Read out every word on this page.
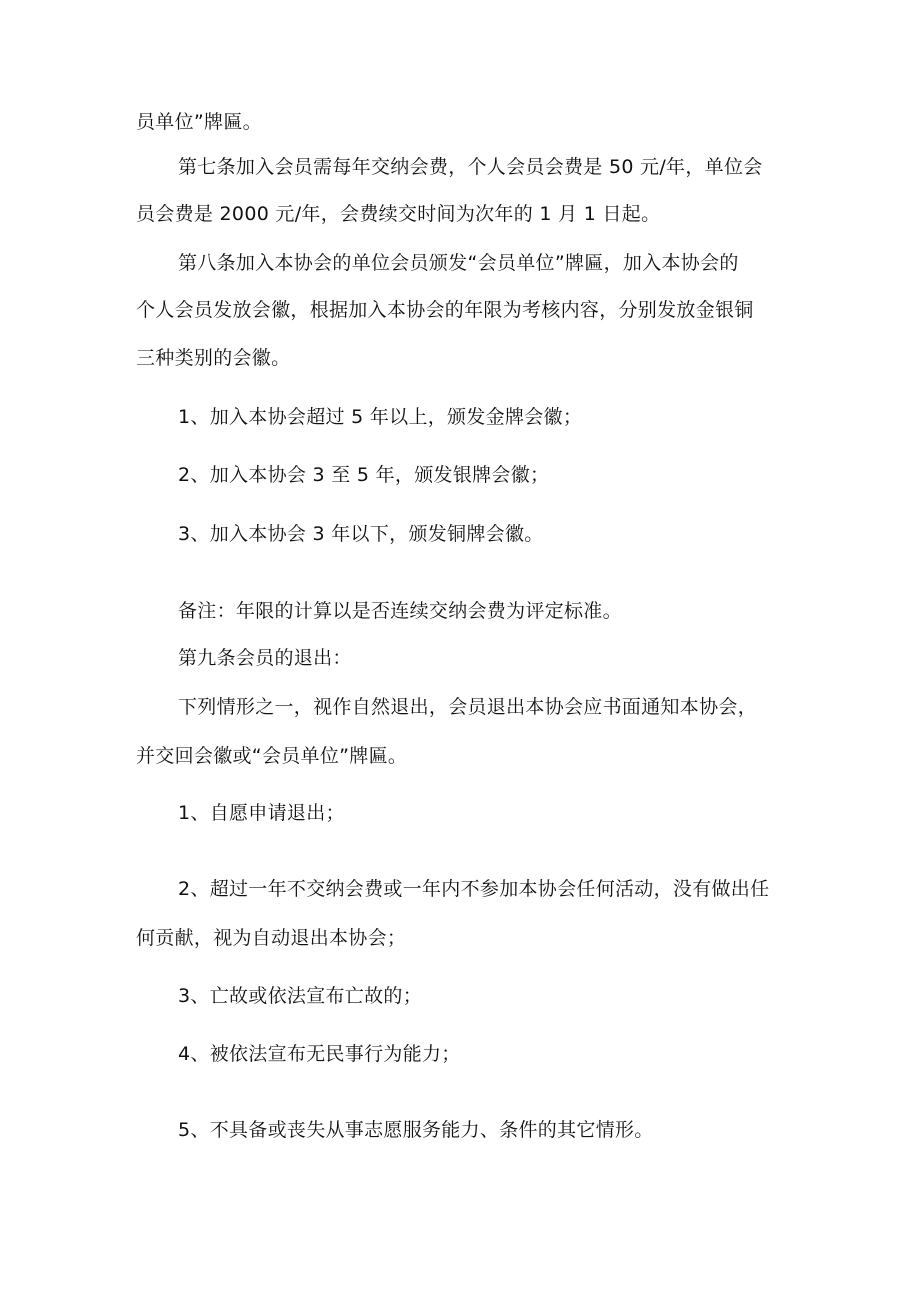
员单位”牌匾。
第七条加入会员需每年交纳会费，个人会员会费是 50 元/年，单位会
员会费是 2000 元/年，会费续交时间为次年的 1 月 1 日起。
第八条加入本协会的单位会员颁发“会员单位”牌匾，加入本协会的
个人会员发放会徽，根据加入本协会的年限为考核内容，分别发放金银铜
三种类别的会徽。
1、加入本协会超过 5 年以上，颁发金牌会徽；
2、加入本协会 3 至 5 年，颁发银牌会徽；
3、加入本协会 3 年以下，颁发铜牌会徽。
备注：年限的计算以是否连续交纳会费为评定标准。
第九条会员的退出：
下列情形之一，视作自然退出，会员退出本协会应书面通知本协会，
并交回会徽或“会员单位”牌匾。
1、自愿申请退出；
2、超过一年不交纳会费或一年内不参加本协会任何活动，没有做出任
何贡献，视为自动退出本协会；
3、亡故或依法宣布亡故的；
4、被依法宣布无民事行为能力；
5、不具备或丧失从事志愿服务能力、条件的其它情形。
